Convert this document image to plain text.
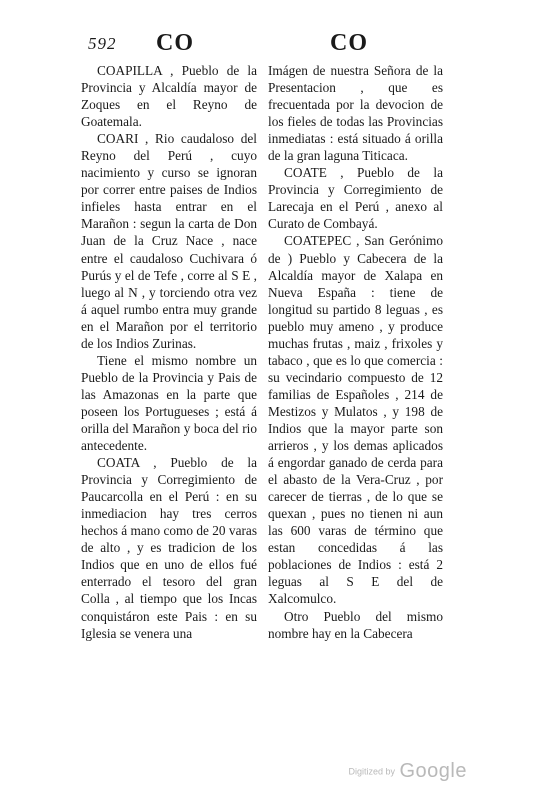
592 CO	CO

COAPILLA , Pueblo de la Provincia y Alcaldía mayor de Zoques en el Reyno de Goatemala.

COARI , Rio caudaloso del Reyno del Perú , cuyo nacimiento y curso se ignoran por correr entre paises de Indios infieles hasta entrar en el Marañon : segun la carta de Don Juan de la Cruz Nace , nace entre el caudaloso Cuchivara ó Purús y el de Tefe , corre al S E , luego al N , y torciendo otra vez á aquel rumbo entra muy grande en el Marañon por el territorio de los Indios Zurinas.

Tiene el mismo nombre un Pueblo de la Provincia y Pais de las Amazonas en la parte que poseen los Portugueses ; está á orilla del Marañon y boca del rio antecedente.

COATA , Pueblo de la Provincia y Corregimiento de Paucarcolla en el Perú : en su inmediacion hay tres cerros hechos á mano como de 20 varas de alto , y es tradicion de los Indios que en uno de ellos fué enterrado el tesoro del gran Colla , al tiempo que los Incas conquistáron este Pais : en su Iglesia se venera una

Imágen de nuestra Señora de la Presentacion , que es frecuentada por la devocion de los fieles de todas las Provincias inmediatas : está situado á orilla de la gran laguna Titicaca.

COATE , Pueblo de la Provincia y Corregimiento de Larecaja en el Perú , anexo al Curato de Combayá.

COATEPEC , San Gerónimo de ) Pueblo y Cabecera de la Alcaldía mayor de Xalapa en Nueva España : tiene de longitud su partido 8 leguas , es pueblo muy ameno , y produce muchas frutas , maiz , frixoles y tabaco , que es lo que comercia : su vecindario compuesto de 12 familias de Españoles , 214 de Mestizos y Mulatos , y 198 de Indios que la mayor parte son arrieros , y los demas aplicados á engordar ganado de cerda para el abasto de la Vera-Cruz , por carecer de tierras , de lo que se quexan , pues no tienen ni aun las 600 varas de término que estan concedidas á las poblaciones de Indios : está 2 leguas al S E del de Xalcomulco.

Otro Pueblo del mismo nombre hay en la Cabecera

Digitized by Google
